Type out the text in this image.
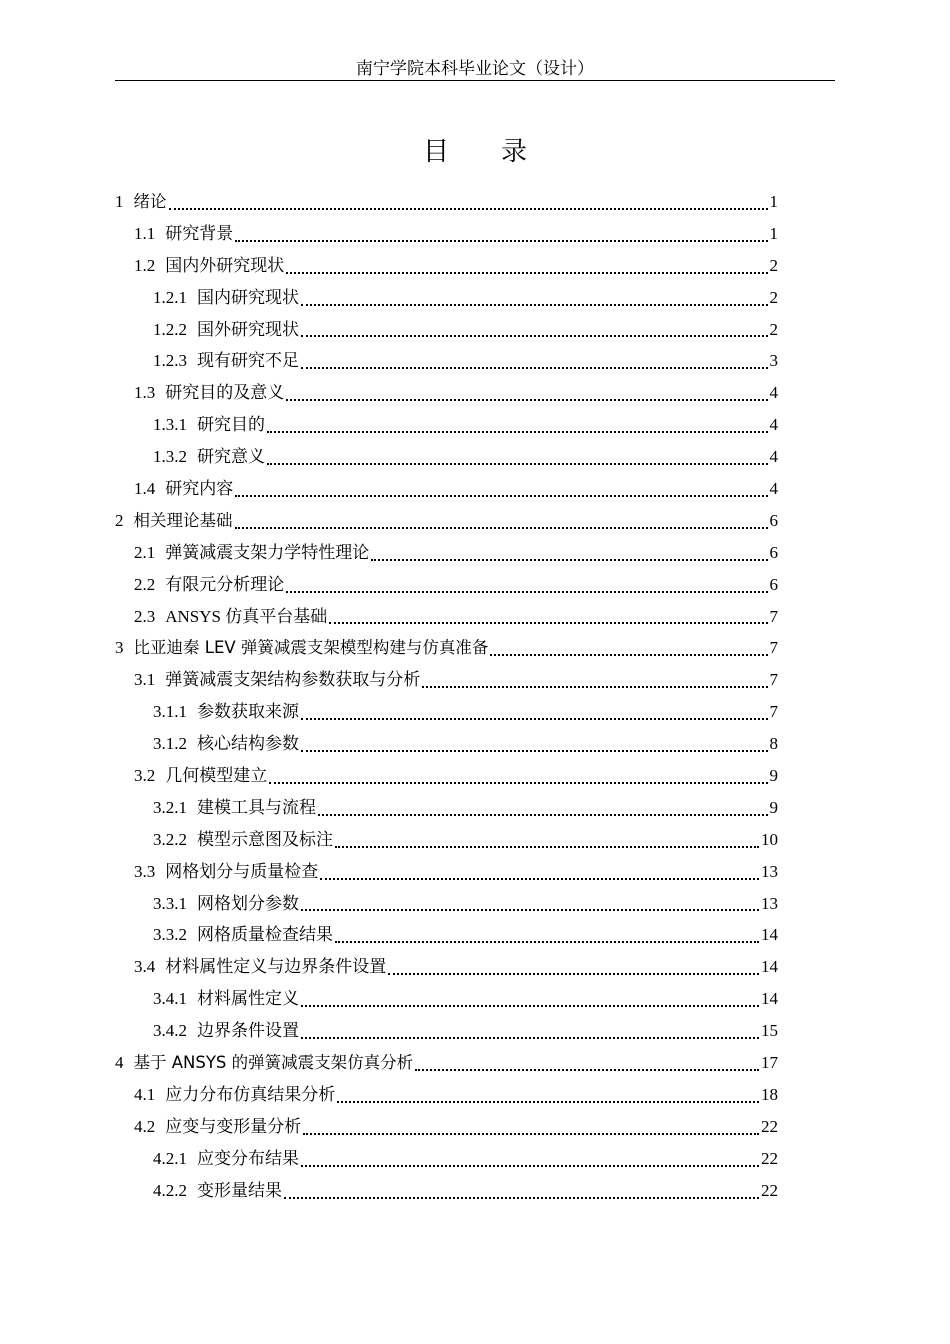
南宁学院本科毕业论文（设计）
目录
1 绪论	1
1.1 研究背景	1
1.2 国内外研究现状	2
1.2.1 国内研究现状	2
1.2.2 国外研究现状	2
1.2.3 现有研究不足	3
1.3 研究目的及意义	4
1.3.1 研究目的	4
1.3.2 研究意义	4
1.4 研究内容	4
2 相关理论基础	6
2.1 弹簧减震支架力学特性理论	6
2.2 有限元分析理论	6
2.3 ANSYS 仿真平台基础	7
3 比亚迪秦 LEV 弹簧减震支架模型构建与仿真准备	7
3.1 弹簧减震支架结构参数获取与分析	7
3.1.1 参数获取来源	7
3.1.2 核心结构参数	8
3.2 几何模型建立	9
3.2.1 建模工具与流程	9
3.2.2 模型示意图及标注	10
3.3 网格划分与质量检查	13
3.3.1 网格划分参数	13
3.3.2 网格质量检查结果	14
3.4 材料属性定义与边界条件设置	14
3.4.1 材料属性定义	14
3.4.2 边界条件设置	15
4 基于 ANSYS 的弹簧减震支架仿真分析	17
4.1 应力分布仿真结果分析	18
4.2 应变与变形量分析	22
4.2.1 应变分布结果	22
4.2.2 变形量结果	22
